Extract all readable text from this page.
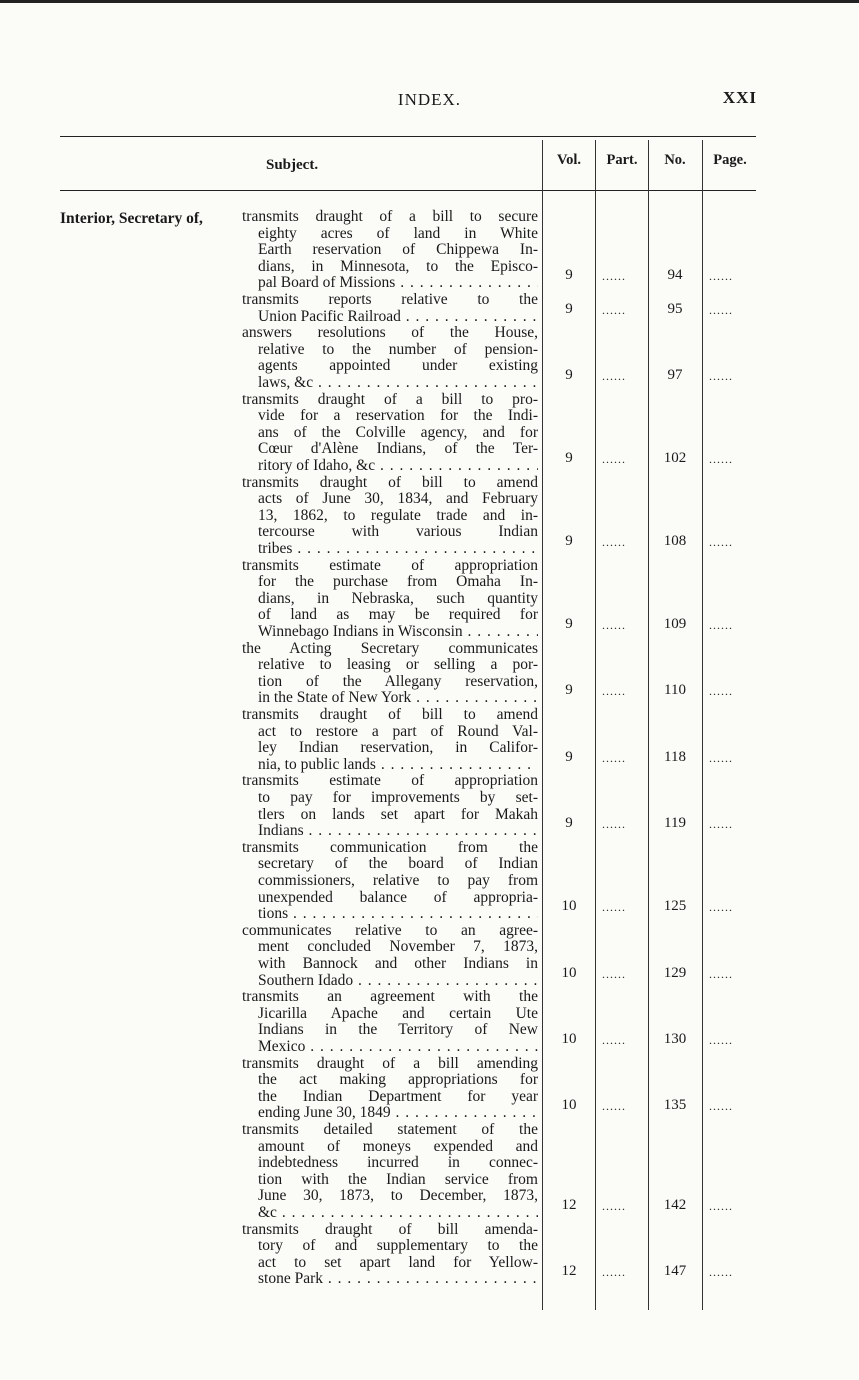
INDEX.	XXI
Subject.	Vol.	Part.	No.	Page.
Interior, Secretary of,	transmits draught of a bill to secure
eighty acres of land in White
Earth reservation of Chippewa In-
dians, in Minnesota, to the Episco-
pal Board of Missions . . .	9	......	94	......
transmits reports relative to the
Union Pacific Railroad . . .	9	......	95	......
answers resolutions of the House,
relative to the number of pension-
agents appointed under existing
laws, &c . . .	9	......	97	......
transmits draught of a bill to pro-
vide for a reservation for the Indi-
ans of the Colville agency, and for
Cœur d'Alène Indians, of the Ter-
ritory of Idaho, &c . . .	9	......	102	......
transmits draught of bill to amend
acts of June 30, 1834, and February
13, 1862, to regulate trade and in-
tercourse with various Indian
tribes . . .	9	......	108	......
transmits estimate of appropriation
for the purchase from Omaha In-
dians, in Nebraska, such quantity
of land as may be required for
Winnebago Indians in Wisconsin . . .	9	......	109	......
the Acting Secretary communicates
relative to leasing or selling a por-
tion of the Allegany reservation,
in the State of New York . . .	9	......	110	......
transmits draught of bill to amend
act to restore a part of Round Val-
ley Indian reservation, in Califor-
nia, to public lands . . .	9	......	118	......
transmits estimate of appropriation
to pay for improvements by set-
tlers on lands set apart for Makah
Indians . . .	9	......	119	......
transmits communication from the
secretary of the board of Indian
commissioners, relative to pay from
unexpended balance of appropria-
tions . . .	10	......	125	......
communicates relative to an agree-
ment concluded November 7, 1873,
with Bannock and other Indians in
Southern Idado . . .	10	......	129	......
transmits an agreement with the
Jicarilla Apache and certain Ute
Indians in the Territory of New
Mexico . . .	10	......	130	......
transmits draught of a bill amending
the act making appropriations for
the Indian Department for year
ending June 30, 1849 . . .	10	......	135	......
transmits detailed statement of the
amount of moneys expended and
indebtedness incurred in connec-
tion with the Indian service from
June 30, 1873, to December, 1873,
&c . . .	12	......	142	......
transmits draught of bill amenda-
tory of and supplementary to the
act to set apart land for Yellow-
stone Park . . .	12	......	147	......
